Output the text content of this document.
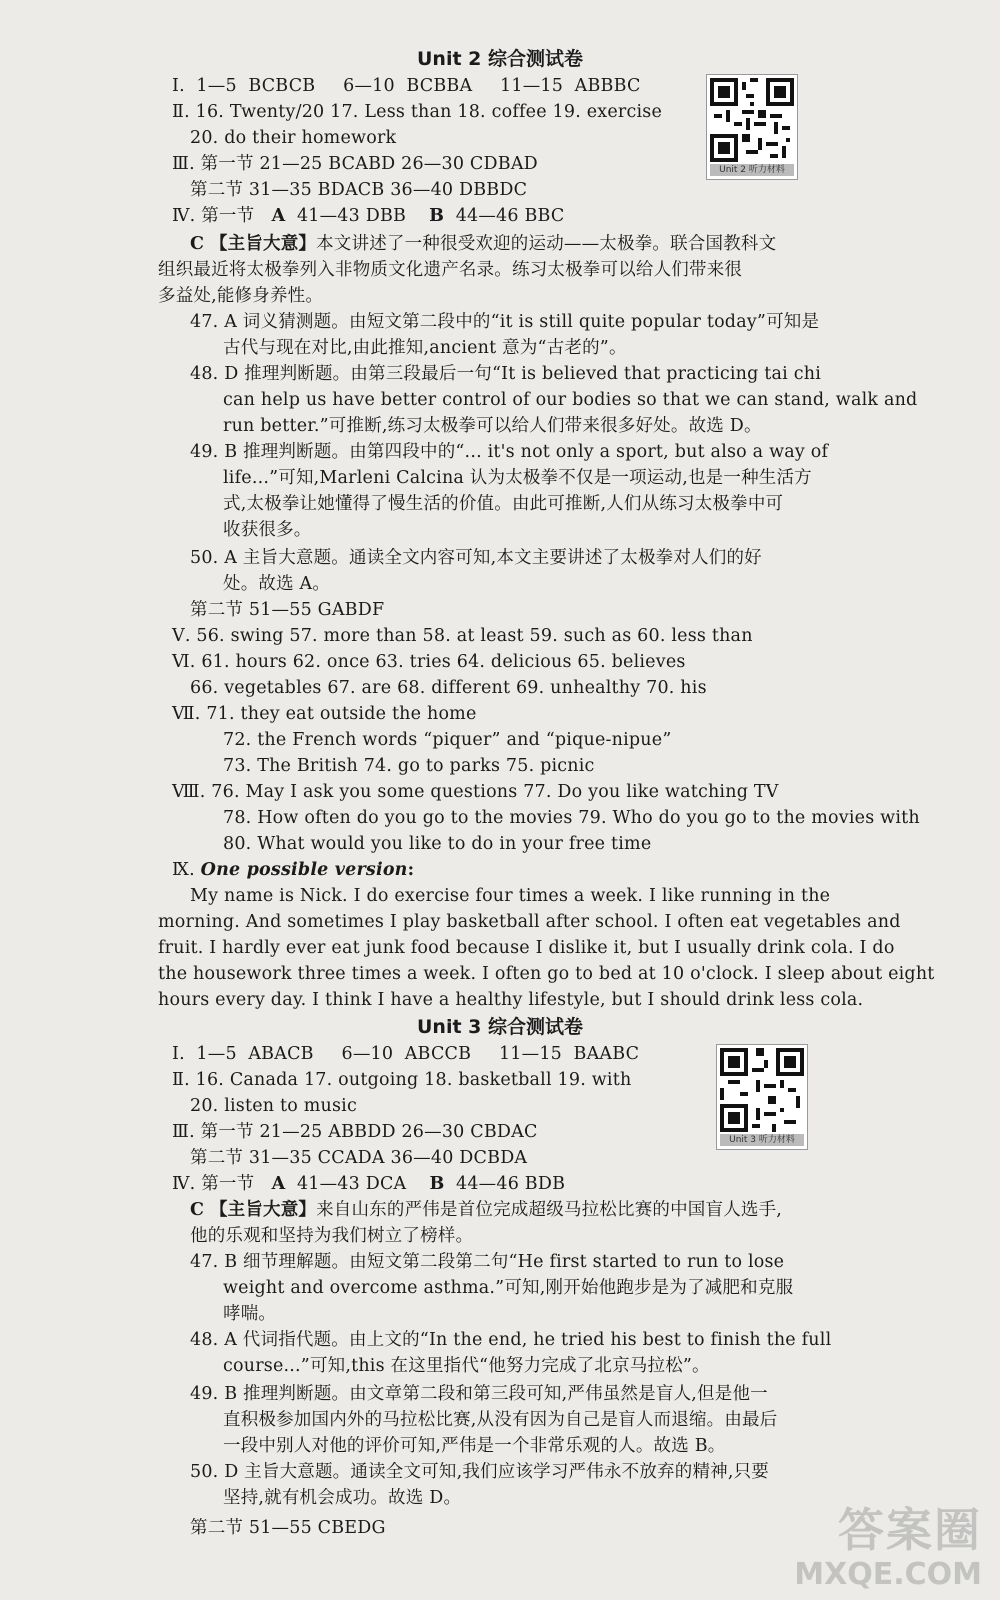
Unit 2 综合测试卷
Unit 2 听力材料
Ⅰ. 1—5 BCBCB 6—10 BCBBA 11—15 ABBBC
Ⅱ. 16. Twenty/20 17. Less than 18. coffee 19. exercise
20. do their homework
Ⅲ. 第一节 21—25 BCABD 26—30 CDBAD
第二节 31—35 BDACB 36—40 DBBDC
Ⅳ. 第一节 A 41—43 DBB B 44—46 BBC
C 【主旨大意】本文讲述了一种很受欢迎的运动——太极拳。联合国教科文
组织最近将太极拳列入非物质文化遗产名录。练习太极拳可以给人们带来很
多益处,能修身养性。
47. A 词义猜测题。由短文第二段中的“it is still quite popular today”可知是
古代与现在对比,由此推知,ancient 意为“古老的”。
48. D 推理判断题。由第三段最后一句“It is believed that practicing tai chi
can help us have better control of our bodies so that we can stand, walk and
run better.”可推断,练习太极拳可以给人们带来很多好处。故选 D。
49. B 推理判断题。由第四段中的“... it's not only a sport, but also a way of
life...”可知,Marleni Calcina 认为太极拳不仅是一项运动,也是一种生活方
式,太极拳让她懂得了慢生活的价值。由此可推断,人们从练习太极拳中可
收获很多。
50. A 主旨大意题。通读全文内容可知,本文主要讲述了太极拳对人们的好
处。故选 A。
第二节 51—55 GABDF
Ⅴ. 56. swing 57. more than 58. at least 59. such as 60. less than
Ⅵ. 61. hours 62. once 63. tries 64. delicious 65. believes
66. vegetables 67. are 68. different 69. unhealthy 70. his
Ⅶ. 71. they eat outside the home
72. the French words “piquer” and “pique-nipue”
73. The British 74. go to parks 75. picnic
Ⅷ. 76. May I ask you some questions 77. Do you like watching TV
78. How often do you go to the movies 79. Who do you go to the movies with
80. What would you like to do in your free time
Ⅸ. One possible version:
My name is Nick. I do exercise four times a week. I like running in the
morning. And sometimes I play basketball after school. I often eat vegetables and
fruit. I hardly ever eat junk food because I dislike it, but I usually drink cola. I do
the housework three times a week. I often go to bed at 10 o'clock. I sleep about eight
hours every day. I think I have a healthy lifestyle, but I should drink less cola.
Unit 3 综合测试卷
Unit 3 听力材料
Ⅰ. 1—5 ABACB 6—10 ABCCB 11—15 BAABC
Ⅱ. 16. Canada 17. outgoing 18. basketball 19. with
20. listen to music
Ⅲ. 第一节 21—25 ABBDD 26—30 CBDAC
第二节 31—35 CCADA 36—40 DCBDA
Ⅳ. 第一节 A 41—43 DCA B 44—46 BDB
C 【主旨大意】来自山东的严伟是首位完成超级马拉松比赛的中国盲人选手,
他的乐观和坚持为我们树立了榜样。
47. B 细节理解题。由短文第二段第二句“He first started to run to lose
weight and overcome asthma.”可知,刚开始他跑步是为了减肥和克服
哮喘。
48. A 代词指代题。由上文的“In the end, he tried his best to finish the full
course...”可知,this 在这里指代“他努力完成了北京马拉松”。
49. B 推理判断题。由文章第二段和第三段可知,严伟虽然是盲人,但是他一
直积极参加国内外的马拉松比赛,从没有因为自己是盲人而退缩。由最后
一段中别人对他的评价可知,严伟是一个非常乐观的人。故选 B。
50. D 主旨大意题。通读全文可知,我们应该学习严伟永不放弃的精神,只要
坚持,就有机会成功。故选 D。
第二节 51—55 CBEDG	答案圈
MXQE.COM
